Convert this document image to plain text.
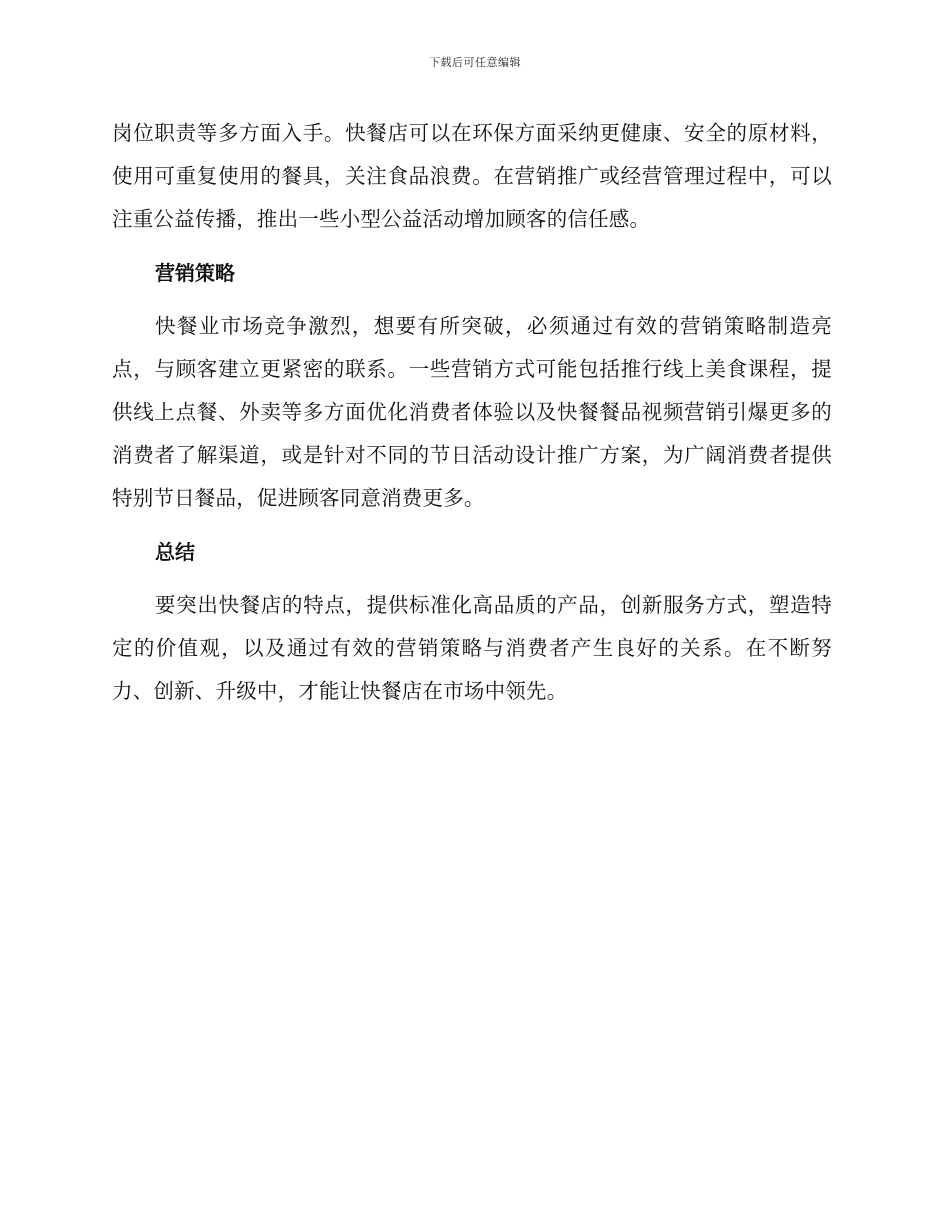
下载后可任意编辑

岗位职责等多方面入手。快餐店可以在环保方面采纳更健康、安全的原材料，使用可重复使用的餐具，关注食品浪费。在营销推广或经营管理过程中，可以注重公益传播，推出一些小型公益活动增加顾客的信任感。

营销策略

快餐业市场竞争激烈，想要有所突破，必须通过有效的营销策略制造亮点，与顾客建立更紧密的联系。一些营销方式可能包括推行线上美食课程，提供线上点餐、外卖等多方面优化消费者体验以及快餐餐品视频营销引爆更多的消费者了解渠道，或是针对不同的节日活动设计推广方案，为广阔消费者提供特别节日餐品，促进顾客同意消费更多。

总结

要突出快餐店的特点，提供标准化高品质的产品，创新服务方式，塑造特定的价值观，以及通过有效的营销策略与消费者产生良好的关系。在不断努力、创新、升级中，才能让快餐店在市场中领先。
